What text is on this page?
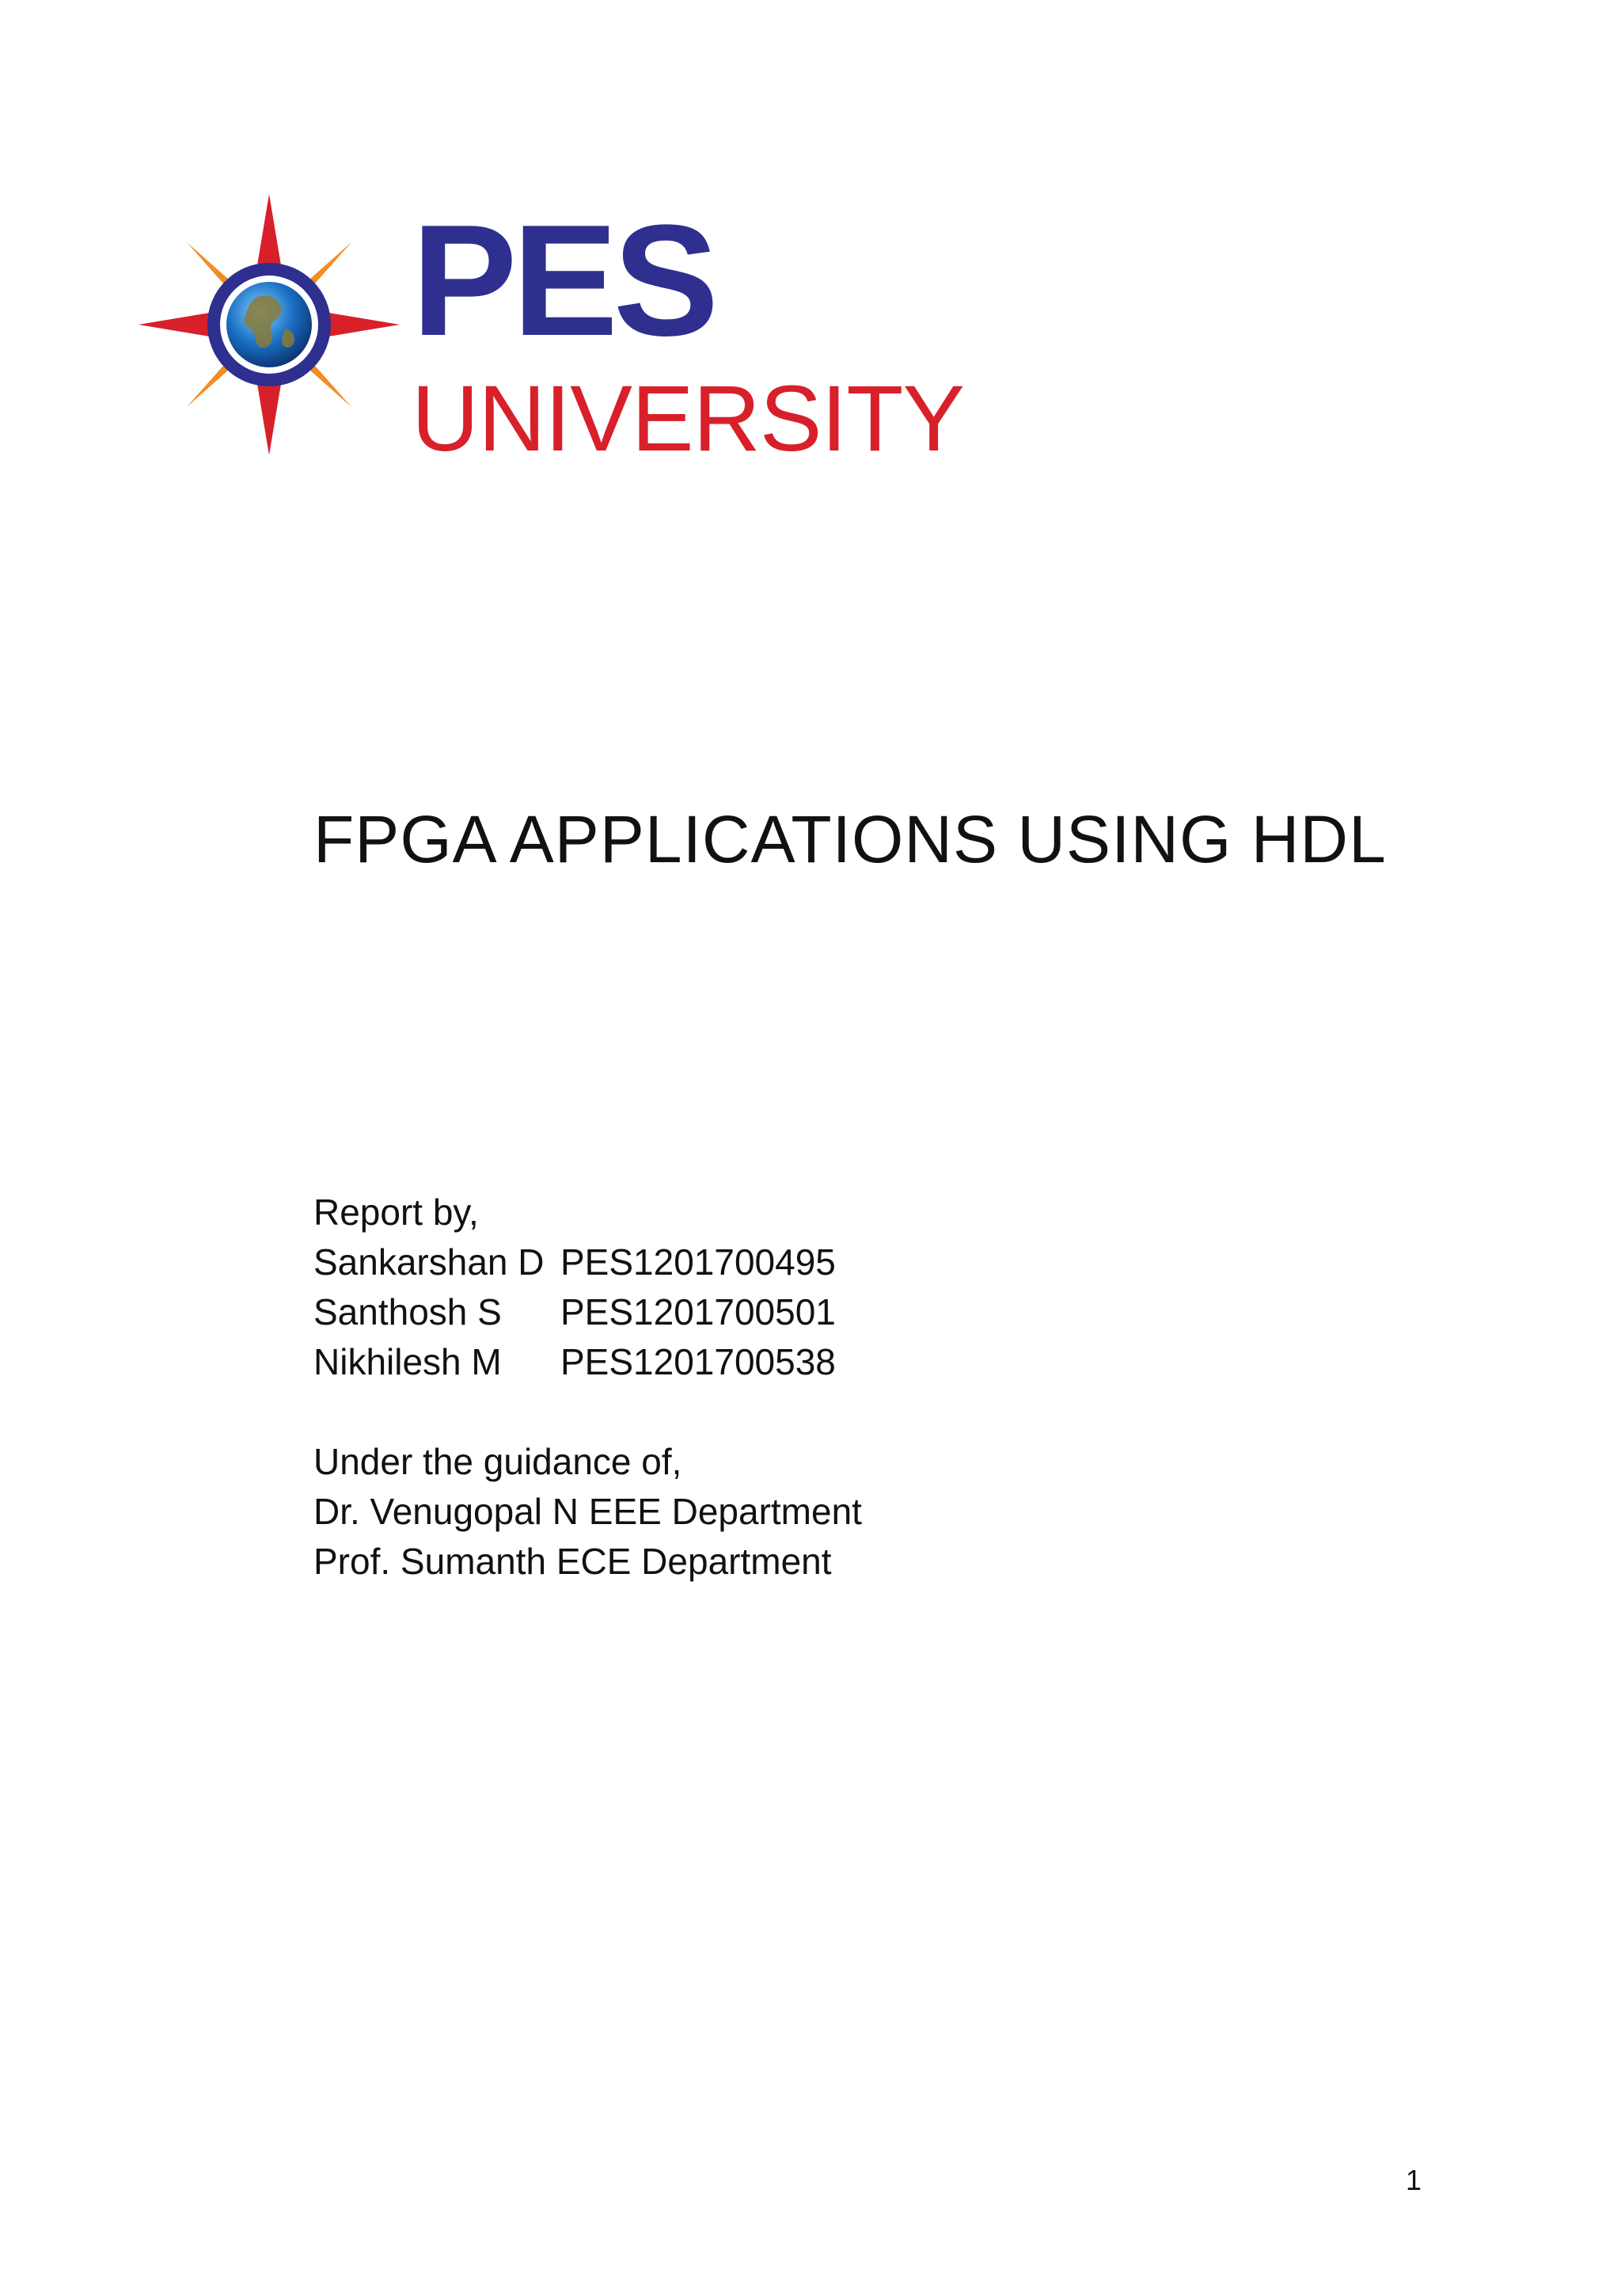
PES
UNIVERSITY
FPGA APPLICATIONS USING HDL
Report by,
Sankarshan D PES1201700495
Santhosh S	PES1201700501
Nikhilesh M	PES1201700538
Under the guidance of,
Dr. Venugopal N EEE Department
Prof. Sumanth ECE Department
1
